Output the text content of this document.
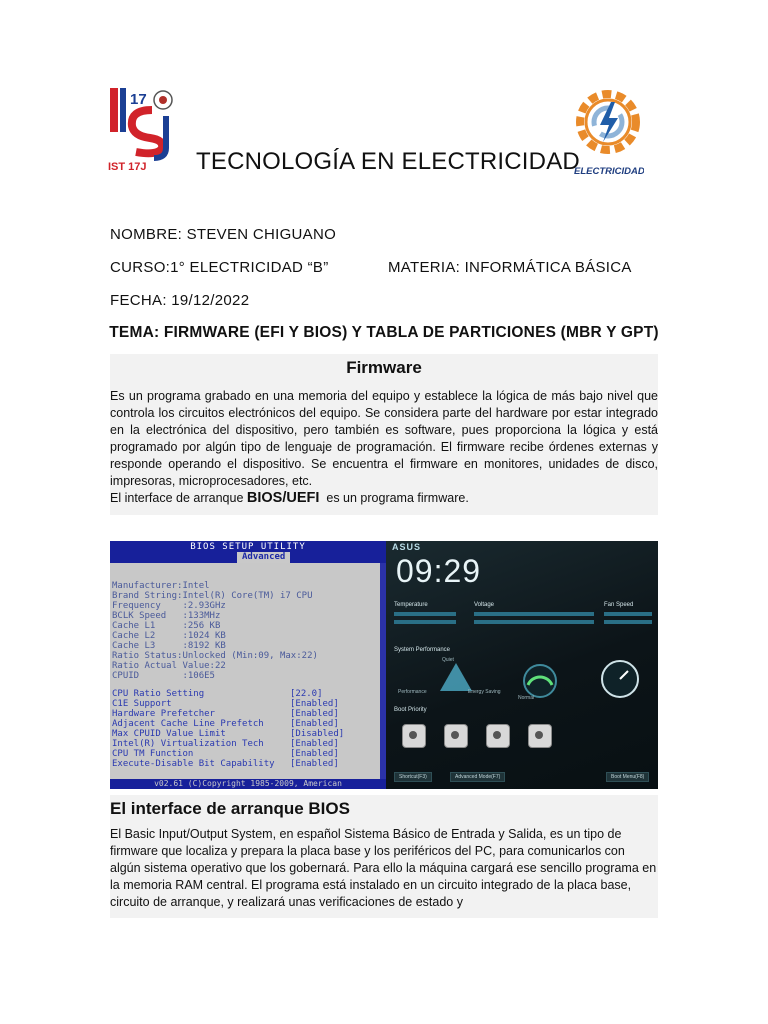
17
IST 17J TECNOLOGÍA EN ELECTRICIDAD
ELECTRICIDAD
NOMBRE: STEVEN CHIGUANO
CURSO:1° ELECTRICIDAD “B”	MATERIA: INFORMÁTICA BÁSICA
FECHA: 19/12/2022
TEMA: FIRMWARE (EFI Y BIOS) Y TABLA DE PARTICIONES (MBR Y GPT)
Firmware
Es un programa grabado en una memoria del equipo y establece la lógica de más bajo nivel que controla los circuitos electrónicos del equipo. Se considera parte del hardware por estar integrado en la electrónica del dispositivo, pero también es software, pues proporciona la lógica y está programado por algún tipo de lenguaje de programación. El firmware recibe órdenes externas y responde operando el dispositivo. Se encuentra el firmware en monitores, unidades de disco, impresoras, microprocesadores, etc.
El interface de arranque BIOS/UEFI es un programa firmware.
BIOS SETUP UTILITY
Advanced
Manufacturer:Intel
Brand String:Intel(R) Core(TM) i7 CPU
Frequency    :2.93GHz
BCLK Speed   :133MHz
Cache L1     :256 KB
Cache L2     :1024 KB
Cache L3     :8192 KB
Ratio Status:Unlocked (Min:09, Max:22)
Ratio Actual Value:22
CPUID        :106E5
CPU Ratio Setting	[22.0]
C1E Support	[Enabled]
Hardware Prefetcher	[Enabled]
Adjacent Cache Line Prefetch	[Enabled]
Max CPUID Value Limit	[Disabled]
Intel(R) Virtualization Tech	[Enabled]
CPU TM Function	[Enabled]
Execute-Disable Bit Capability [Enabled]
v02.61 (C)Copyright 1985-2009, American
ASUS
09:29
Temperature	Voltage	Fan Speed
System Performance
Quiet
Performance	Energy Saving
Normal
Boot Priority
Shortcut(F3)	Advanced Mode(F7)	Boot Menu(F8)
El interface de arranque BIOS
El Basic Input/Output System, en español Sistema Básico de Entrada y Salida, es un tipo de firmware que localiza y prepara la placa base y los periféricos del PC, para comunicarlos con algún sistema operativo que los gobernará. Para ello la máquina cargará ese sencillo programa en la memoria RAM central. El programa está instalado en un circuito integrado de la placa base, circuito de arranque, y realizará unas verificaciones de estado y
